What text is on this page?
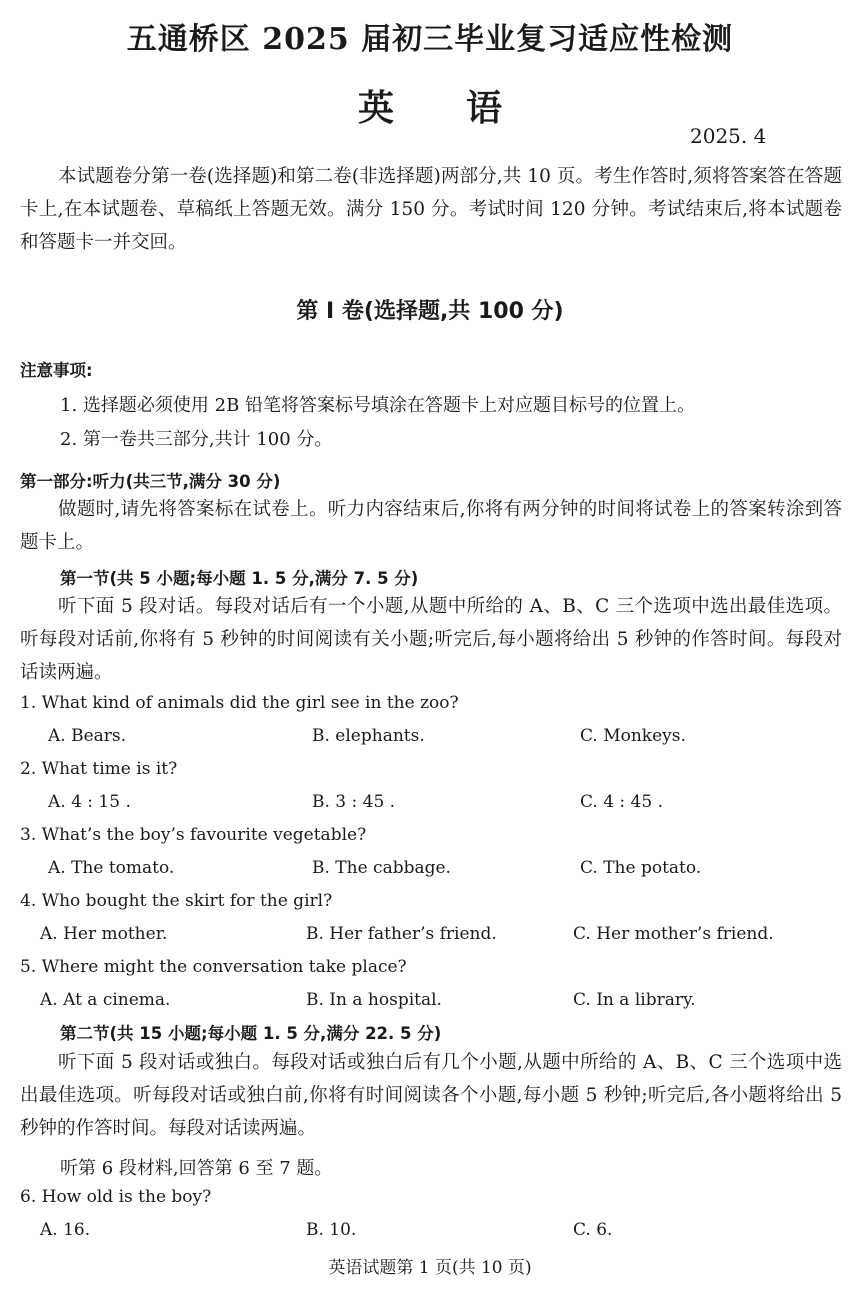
五通桥区 2025 届初三毕业复习适应性检测
英 语
2025. 4
本试题卷分第一卷(选择题)和第二卷(非选择题)两部分,共 10 页。考生作答时,须将答案答在答题卡上,在本试题卷、草稿纸上答题无效。满分 150 分。考试时间 120 分钟。考试结束后,将本试题卷和答题卡一并交回。
第 Ⅰ 卷(选择题,共 100 分)
注意事项:
1. 选择题必须使用 2B 铅笔将答案标号填涂在答题卡上对应题目标号的位置上。
2. 第一卷共三部分,共计 100 分。
第一部分:听力(共三节,满分 30 分)
做题时,请先将答案标在试卷上。听力内容结束后,你将有两分钟的时间将试卷上的答案转涂到答题卡上。
第一节(共 5 小题;每小题 1. 5 分,满分 7. 5 分)
听下面 5 段对话。每段对话后有一个小题,从题中所给的 A、B、C 三个选项中选出最佳选项。听每段对话前,你将有 5 秒钟的时间阅读有关小题;听完后,每小题将给出 5 秒钟的作答时间。每段对话读两遍。
1. What kind of animals did the girl see in the zoo?
A. Bears.	B. elephants.	C. Monkeys.
2. What time is it?
A. 4 : 15 .	B. 3 : 45 .	C. 4 : 45 .
3. What’s the boy’s favourite vegetable?
A. The tomato.	B. The cabbage.	C. The potato.
4. Who bought the skirt for the girl?
A. Her mother.	B. Her father’s friend.	C. Her mother’s friend.
5. Where might the conversation take place?
A. At a cinema.	B. In a hospital.	C. In a library.
第二节(共 15 小题;每小题 1. 5 分,满分 22. 5 分)
听下面 5 段对话或独白。每段对话或独白后有几个小题,从题中所给的 A、B、C 三个选项中选出最佳选项。听每段对话或独白前,你将有时间阅读各个小题,每小题 5 秒钟;听完后,各小题将给出 5 秒钟的作答时间。每段对话读两遍。
听第 6 段材料,回答第 6 至 7 题。
6. How old is the boy?
A. 16.	B. 10.	C. 6.
英语试题第 1 页(共 10 页)
